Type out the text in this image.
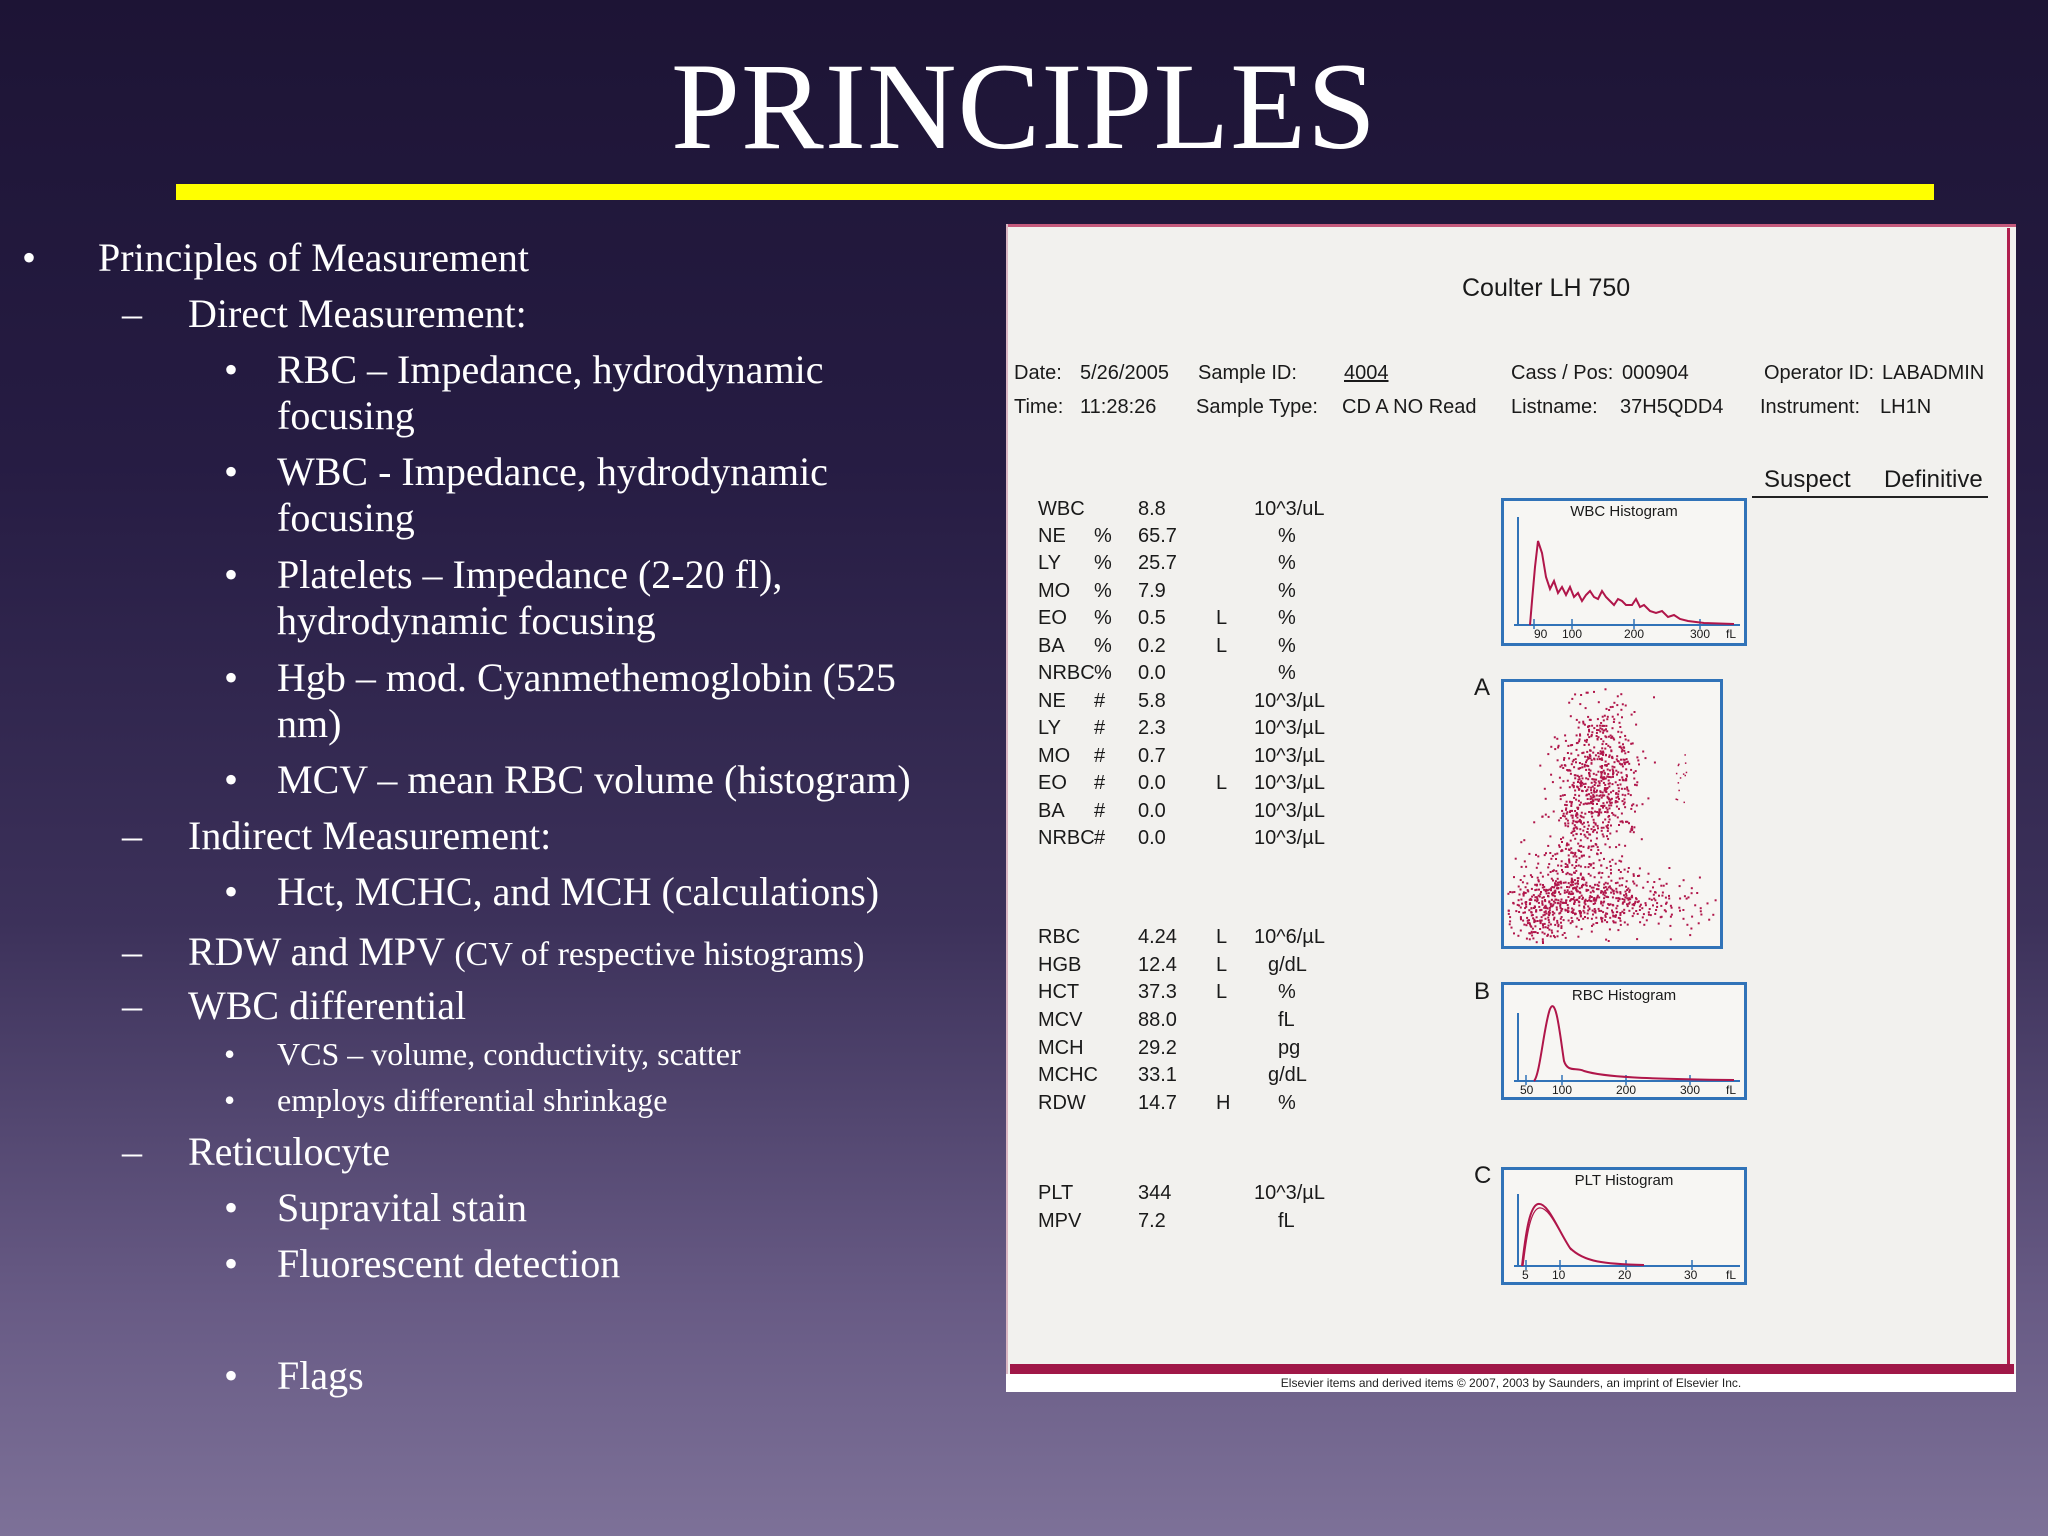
PRINCIPLES
• Principles of Measurement
– Direct Measurement:
• RBC – Impedance, hydrodynamic
focusing
• WBC - Impedance, hydrodynamic
focusing
• Platelets – Impedance (2-20 fl),
hydrodynamic focusing
• Hgb – mod. Cyanmethemoglobin (525
nm)
• MCV – mean RBC volume (histogram)
– Indirect Measurement:
• Hct, MCHC, and MCH (calculations)
– RDW and MPV (CV of respective histograms)
– WBC differential
• VCS – volume, conductivity, scatter
• employs differential shrinkage
– Reticulocyte
• Supravital stain
• Fluorescent detection
• Flags
Coulter LH 750
Date: 5/26/2005 Sample ID: 4004	Cass / Pos: 000904	Operator ID: LABADMIN
Time: 11:28:26 Sample Type: CD A NO Read Listname: 37H5QDD4 Instrument: LH1N
Suspect Definitive
WBC	8.8	10^3/uL
NE % 65.7	%
LY % 25.7	%
MO % 7.9	%
EO % 0.5	L	%
BA % 0.2	L	%
NRBC % 0.0	%
NE # 5.8	10^3/µL
LY # 2.3	10^3/µL
MO # 0.7	10^3/µL
EO # 0.0	L 10^3/µL
BA # 0.0	10^3/µL
NRBC # 0.0	10^3/µL
RBC	4.24 L 10^6/µL
HGB	12.4 L g/dL
HCT	37.3 L	%
MCV	88.0	fL
MCH	29.2	pg
MCHC 33.1	g/dL
RDW	14.7 H %
PLT	344	10^3/µL
MPV	7.2	fL
A
B
C
WBC Histogram
90 100	200	300 fL
RBC Histogram
50 100	200	300 fL
PLT Histogram
5 10	20	30 fL
Elsevier items and derived items © 2007, 2003 by Saunders, an imprint of Elsevier Inc.
